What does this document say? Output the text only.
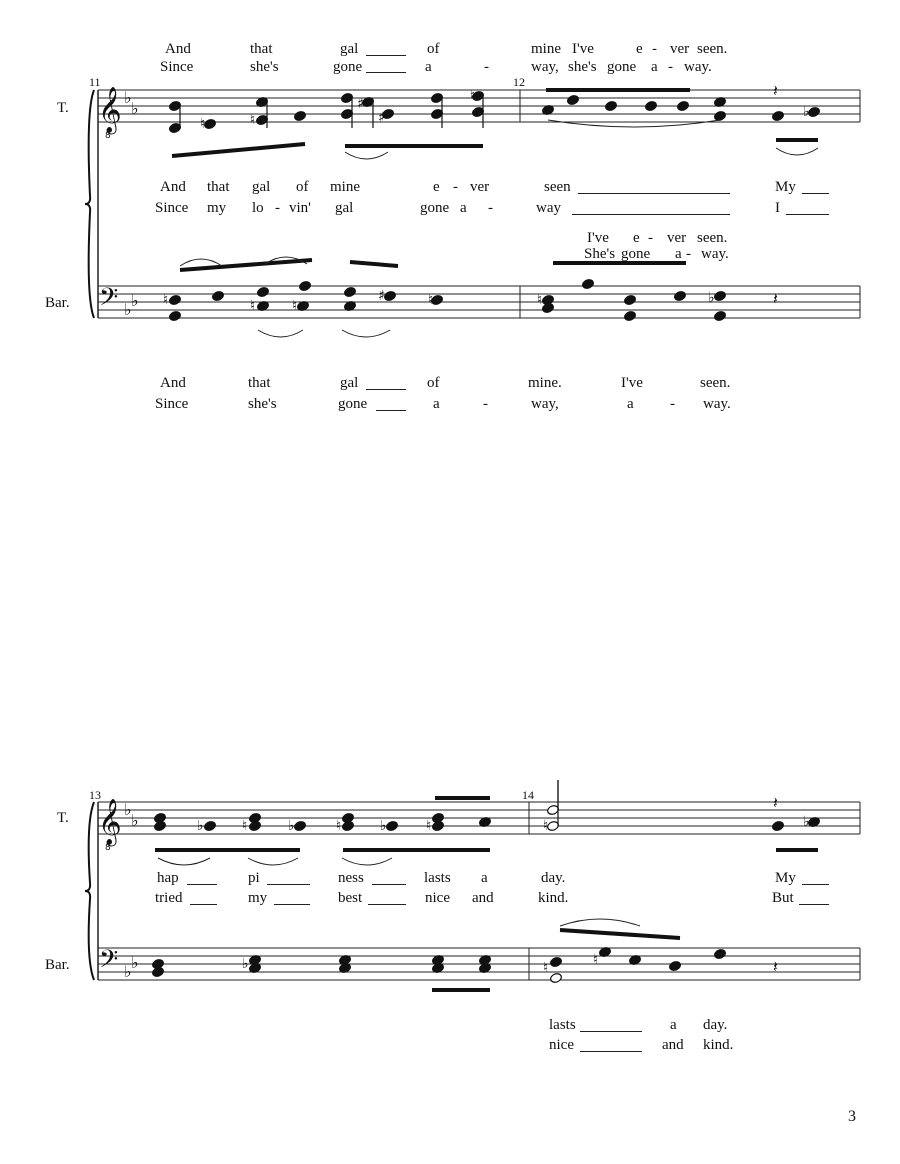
𝄞
8
𝄢
♭
♭
♭ ♭
♮	♮
♯
♯
♮	𝄽
♭
♮	♮	♮
♯	♮	♮	♭	𝄽
𝄞
8
𝄢
♭
♭
♭ ♭
♭	♮	♭	♮	♭	♮	♮
𝄽
♭
♭	♮	♮	𝄽
T.
Bar.
T.
Bar.
11	12
13	14
And	that	gal	of	mine I've	e - ver seen.
Since	she's	gone	a	-	way, she's gone a - way.
And that gal of mine	e - ver	seen	My
Since my lo - vin' gal	gone a -	way	I
I've e - ver seen.
She's gone a - way.
And	that	gal	of	mine.	I've	seen.
Since	she's	gone	a	-	way,	a - way.
hap	pi	ness	lasts a	day.	My
tried	my	best	nice and	kind.	But
lasts	a day.
nice	and kind.
3
